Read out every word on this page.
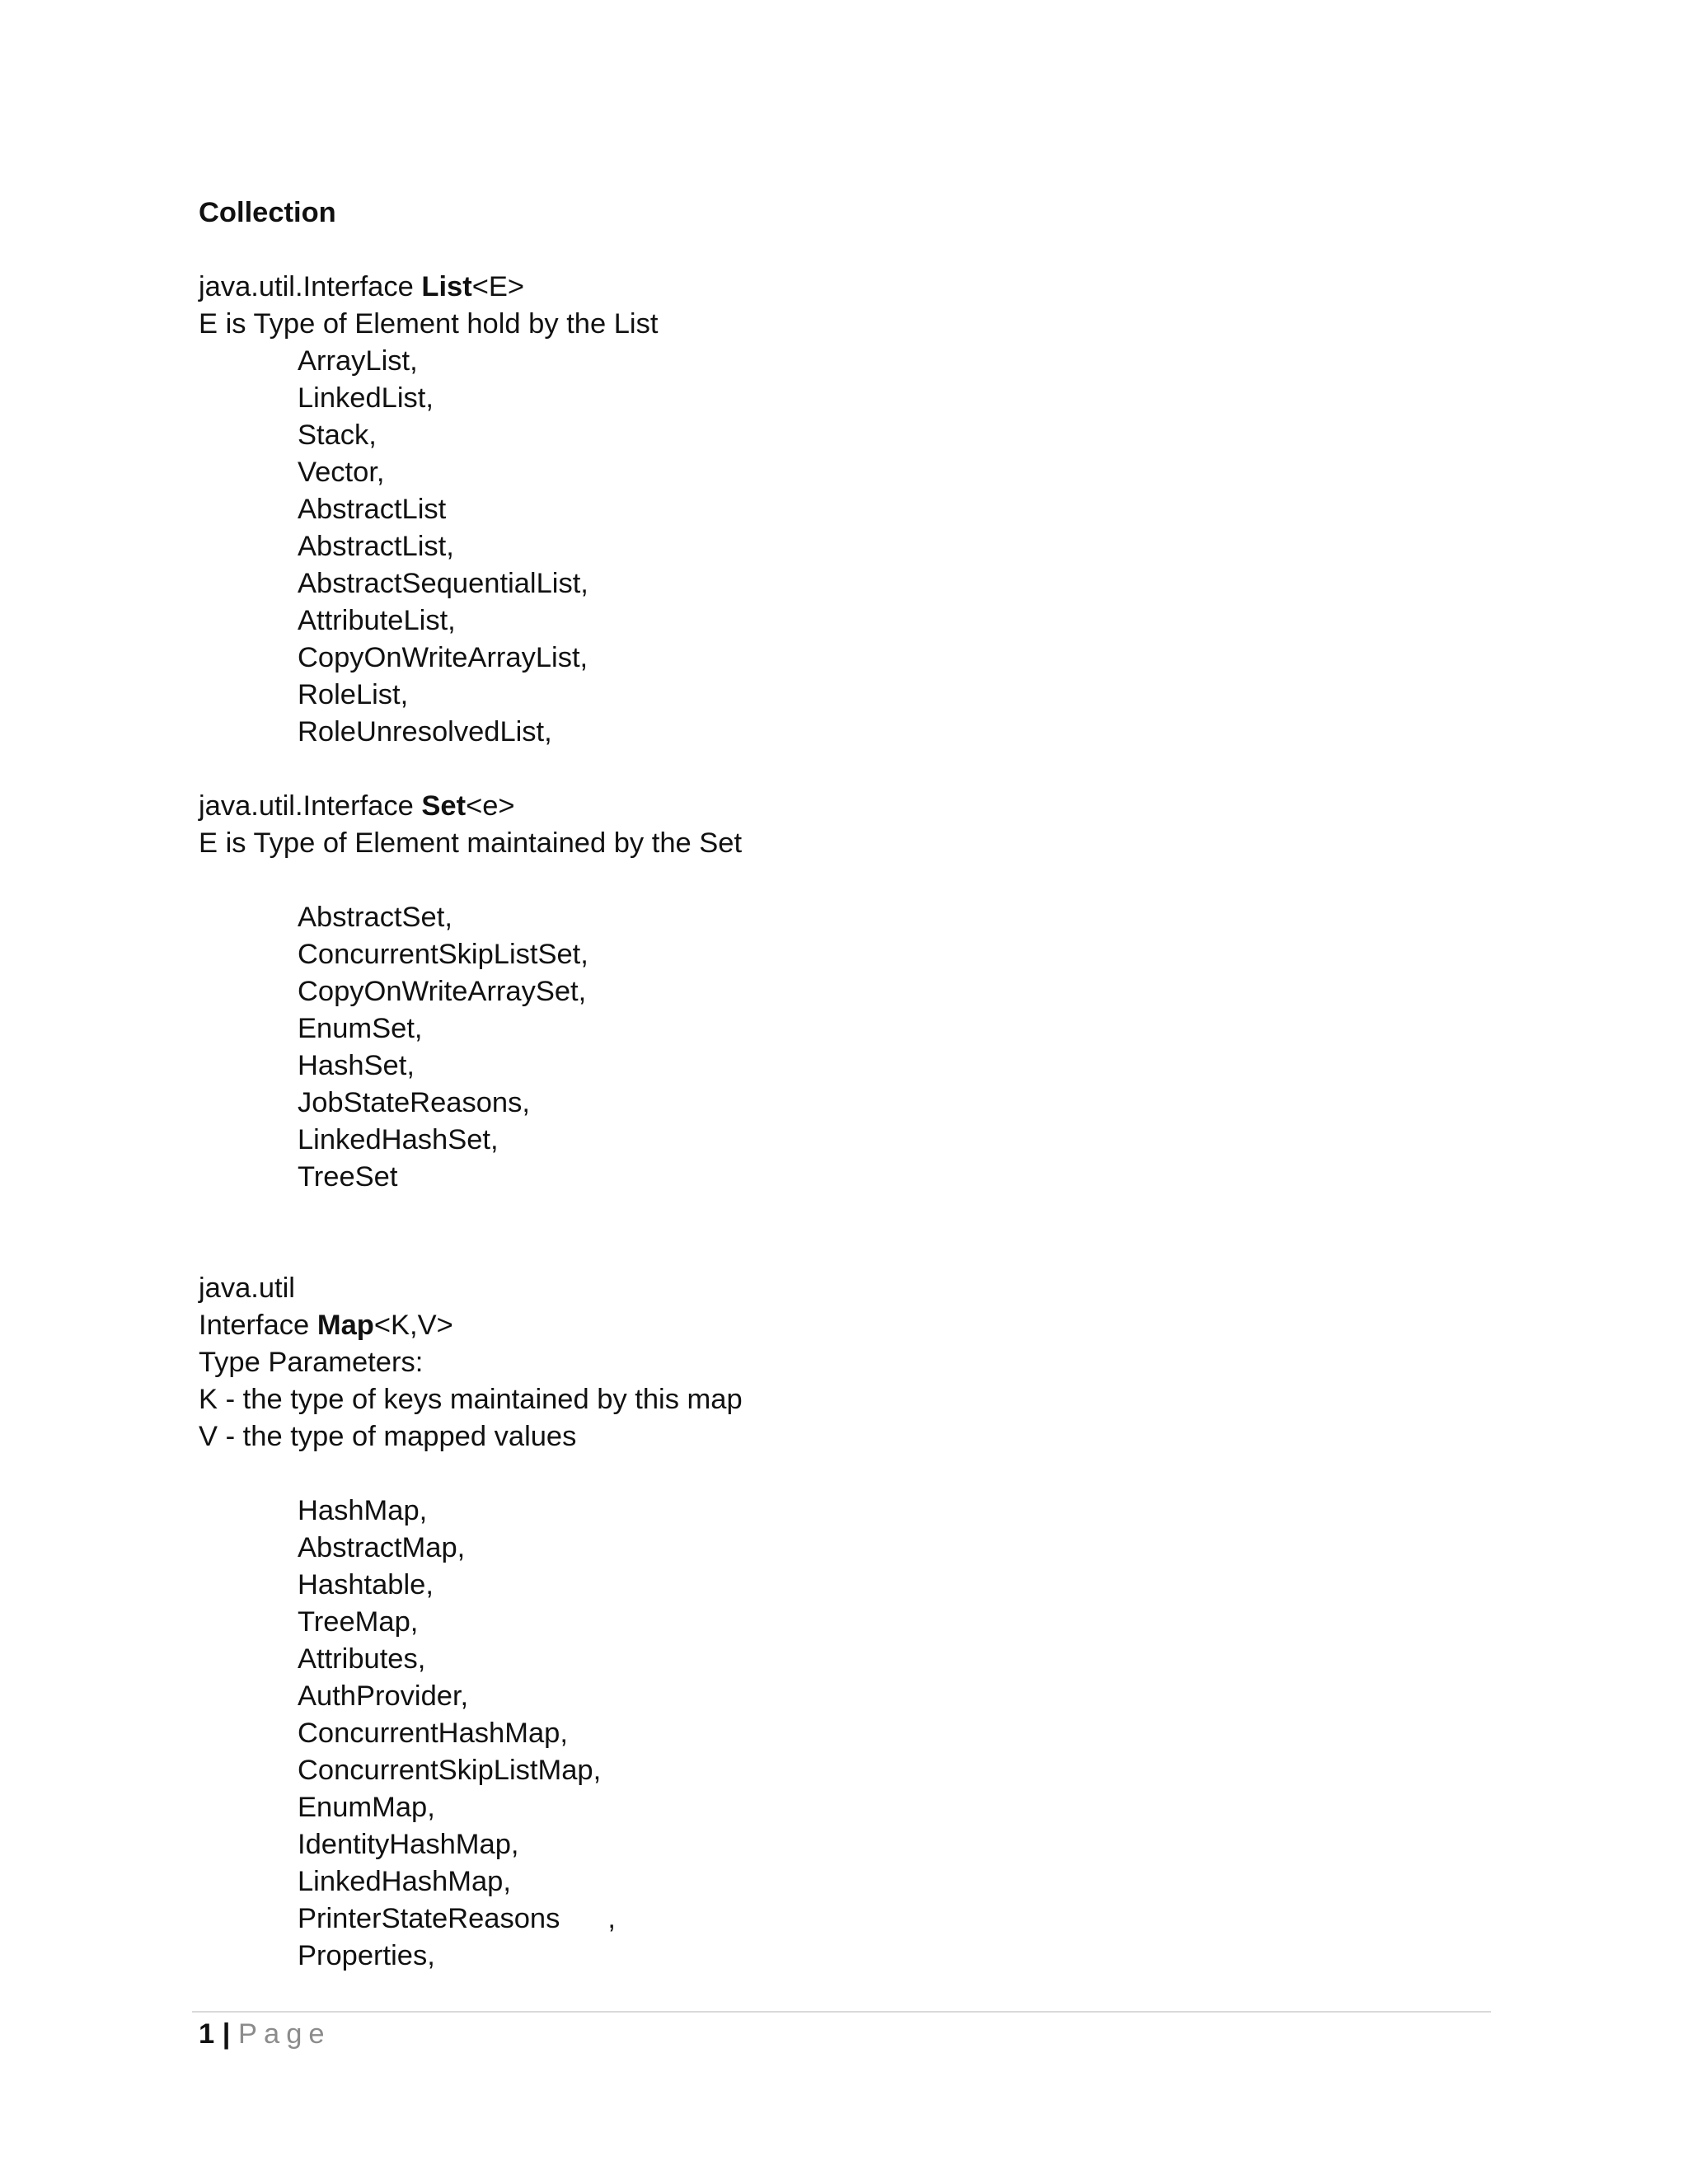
Collection
java.util.Interface List<E>
E is Type of Element hold by the List
ArrayList,
LinkedList,
Stack,
Vector,
AbstractList
AbstractList,
AbstractSequentialList,
AttributeList,
CopyOnWriteArrayList,
RoleList,
RoleUnresolvedList,
java.util.Interface Set<e>
E is Type of Element maintained by the Set
AbstractSet,
ConcurrentSkipListSet,
CopyOnWriteArraySet,
EnumSet,
HashSet,
JobStateReasons,
LinkedHashSet,
TreeSet
java.util
Interface Map<K,V>
Type Parameters:
K - the type of keys maintained by this map
V - the type of mapped values
HashMap,
AbstractMap,
Hashtable,
TreeMap,
Attributes,
AuthProvider,
ConcurrentHashMap,
ConcurrentSkipListMap,
EnumMap,
IdentityHashMap,
LinkedHashMap,
PrinterStateReasons ,
Properties,
1 | Page
